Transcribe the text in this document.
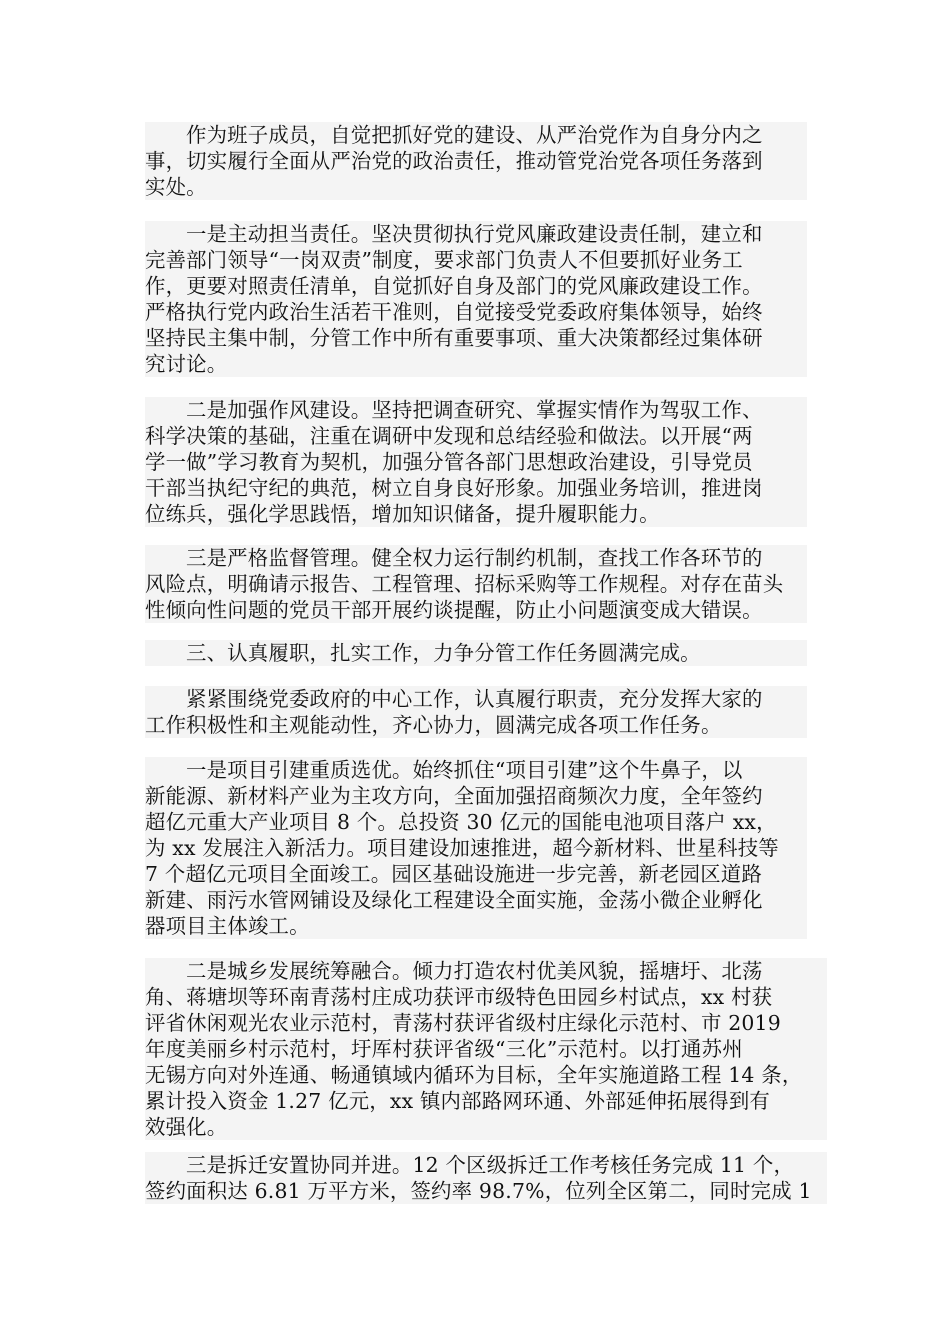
作为班子成员，自觉把抓好党的建设、从严治党作为自身分内之
事，切实履行全面从严治党的政治责任，推动管党治党各项任务落到
实处。
一是主动担当责任。坚决贯彻执行党风廉政建设责任制，建立和
完善部门领导“一岗双责”制度，要求部门负责人不但要抓好业务工
作，更要对照责任清单，自觉抓好自身及部门的党风廉政建设工作。
严格执行党内政治生活若干准则，自觉接受党委政府集体领导，始终
坚持民主集中制，分管工作中所有重要事项、重大决策都经过集体研
究讨论。
二是加强作风建设。坚持把调查研究、掌握实情作为驾驭工作、
科学决策的基础，注重在调研中发现和总结经验和做法。以开展“两
学一做”学习教育为契机，加强分管各部门思想政治建设，引导党员
干部当执纪守纪的典范，树立自身良好形象。加强业务培训，推进岗
位练兵，强化学思践悟，增加知识储备，提升履职能力。
三是严格监督管理。健全权力运行制约机制，查找工作各环节的
风险点，明确请示报告、工程管理、招标采购等工作规程。对存在苗头
性倾向性问题的党员干部开展约谈提醒，防止小问题演变成大错误。
三、认真履职，扎实工作，力争分管工作任务圆满完成。
紧紧围绕党委政府的中心工作，认真履行职责，充分发挥大家的
工作积极性和主观能动性，齐心协力，圆满完成各项工作任务。
一是项目引建重质选优。始终抓住“项目引建”这个牛鼻子，以
新能源、新材料产业为主攻方向，全面加强招商频次力度，全年签约
超亿元重大产业项目 8 个。总投资 30 亿元的国能电池项目落户 xx，
为 xx 发展注入新活力。项目建设加速推进，超今新材料、世星科技等
7 个超亿元项目全面竣工。园区基础设施进一步完善，新老园区道路
新建、雨污水管网铺设及绿化工程建设全面实施，金荡小微企业孵化
器项目主体竣工。
二是城乡发展统筹融合。倾力打造农村优美风貌，摇塘圩、北荡
角、蒋塘坝等环南青荡村庄成功获评市级特色田园乡村试点，xx 村获
评省休闲观光农业示范村，青荡村获评省级村庄绿化示范村、市 2019
年度美丽乡村示范村，圩厍村获评省级“三化”示范村。以打通苏州
无锡方向对外连通、畅通镇域内循环为目标，全年实施道路工程 14 条，
累计投入资金 1.27 亿元，xx 镇内部路网环通、外部延伸拓展得到有
效强化。
三是拆迁安置协同并进。12 个区级拆迁工作考核任务完成 11 个，
签约面积达 6.81 万平方米，签约率 98.7%，位列全区第二，同时完成 1
